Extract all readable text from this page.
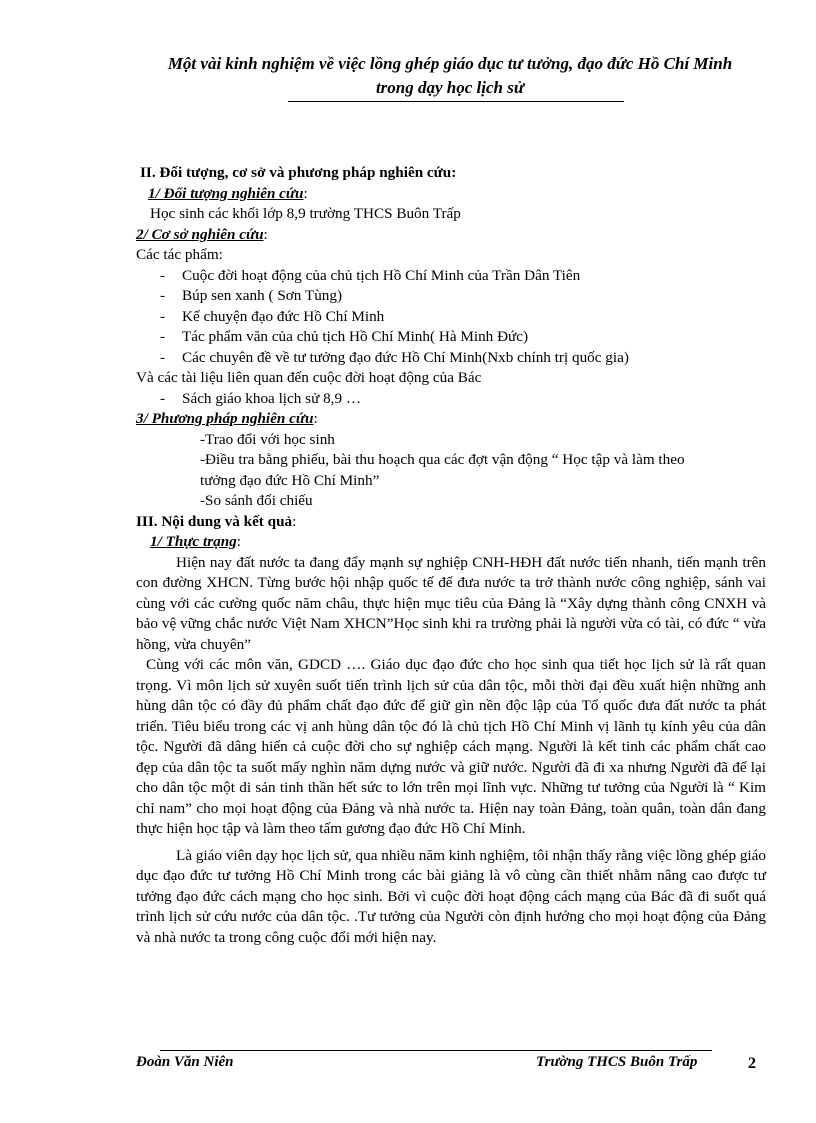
Một vài kinh nghiệm về việc lồng ghép giáo dục tư tưởng, đạo đức Hồ Chí Minh
trong dạy học lịch sử
II. Đối tượng, cơ sở và phương pháp nghiên cứu:
1/ Đối tượng nghiên cứu:
Học sinh các khối lớp 8,9 trường THCS Buôn Trấp
2/ Cơ sở nghiên cứu:
Các tác phẩm:
-	Cuộc đời hoạt động của chủ tịch Hồ Chí Minh của Trần Dân Tiên
-	Búp sen xanh ( Sơn Tùng)
-	Kể chuyện đạo đức Hồ Chí Minh
-	Tác phẩm văn của chủ tịch Hồ Chí Minh( Hà Minh Đức)
-	Các chuyên đề về tư tưởng đạo đức Hồ Chí Minh(Nxb chính trị quốc gia)
Và các tài liệu liên quan đến cuộc đời hoạt động của Bác
-	Sách giáo khoa lịch sử 8,9 …
3/ Phương pháp nghiên cứu:
-Trao đổi với học sinh
-Điều tra bằng phiếu, bài thu hoạch qua các đợt vận động “ Học tập và làm theo
tưởng đạo đức Hồ Chí Minh”
-So sánh đối chiếu
III. Nội dung và kết quả:
1/ Thực trạng:

Hiện nay đất nước ta đang đẩy mạnh sự nghiệp CNH-HĐH đất nước tiến nhanh, tiến mạnh trên con đường XHCN. Từng bước hội nhập quốc tế để đưa nước ta trở thành nước công nghiệp, sánh vai cùng với các cường quốc năm châu, thực hiện mục tiêu của Đảng là “Xây dựng thành công CNXH và bảo vệ vững chắc nước Việt Nam XHCN”Học sinh khi ra trường phải là người vừa có tài, có đức “ vừa hồng, vừa chuyên”

Cùng với các môn văn, GDCD …. Giáo dục đạo đức cho học sinh qua tiết học lịch sử là rất quan trọng. Vì môn lịch sử xuyên suốt tiến trình lịch sử của dân tộc, mỗi thời đại đều xuất hiện những anh hùng dân tộc có đầy đủ phẩm chất đạo đức để giữ gìn nền độc lập của Tổ quốc đưa đất nước ta phát triển. Tiêu biểu trong các vị anh hùng dân tộc đó là chủ tịch Hồ Chí Minh vị lãnh tụ kính yêu của dân tộc. Người đã dâng hiến cả cuộc đời cho sự nghiệp cách mạng. Người là kết tinh các phẩm chất cao đẹp của dân tộc ta suốt mấy nghìn năm dựng nước và giữ nước. Người đã đi xa nhưng Người đã để lại cho dân tộc một di sản tinh thần hết sức to lớn trên mọi lĩnh vực. Những tư tưởng của Người là “ Kim chỉ nam” cho mọi hoạt động của Đảng và nhà nước ta. Hiện nay toàn Đảng, toàn quân, toàn dân đang thực hiện học tập và làm theo tấm gương đạo đức Hồ Chí Minh.

Là giáo viên dạy học lịch sử, qua nhiều năm kinh nghiệm, tôi nhận thấy rằng việc lồng ghép giáo dục đạo đức tư tưởng Hồ Chí Minh trong các bài giảng là vô cùng cần thiết nhằm nâng cao được tư tưởng đạo đức cách mạng cho học sinh. Bởi vì cuộc đời hoạt động cách mạng của Bác đã đi suốt quá trình lịch sử cứu nước của dân tộc. .Tư tưởng của Người còn định hướng cho mọi hoạt động của Đảng và nhà nước ta trong công cuộc đổi mới hiện nay.

Đoàn Văn Niên	Trường THCS Buôn Trấp	2
